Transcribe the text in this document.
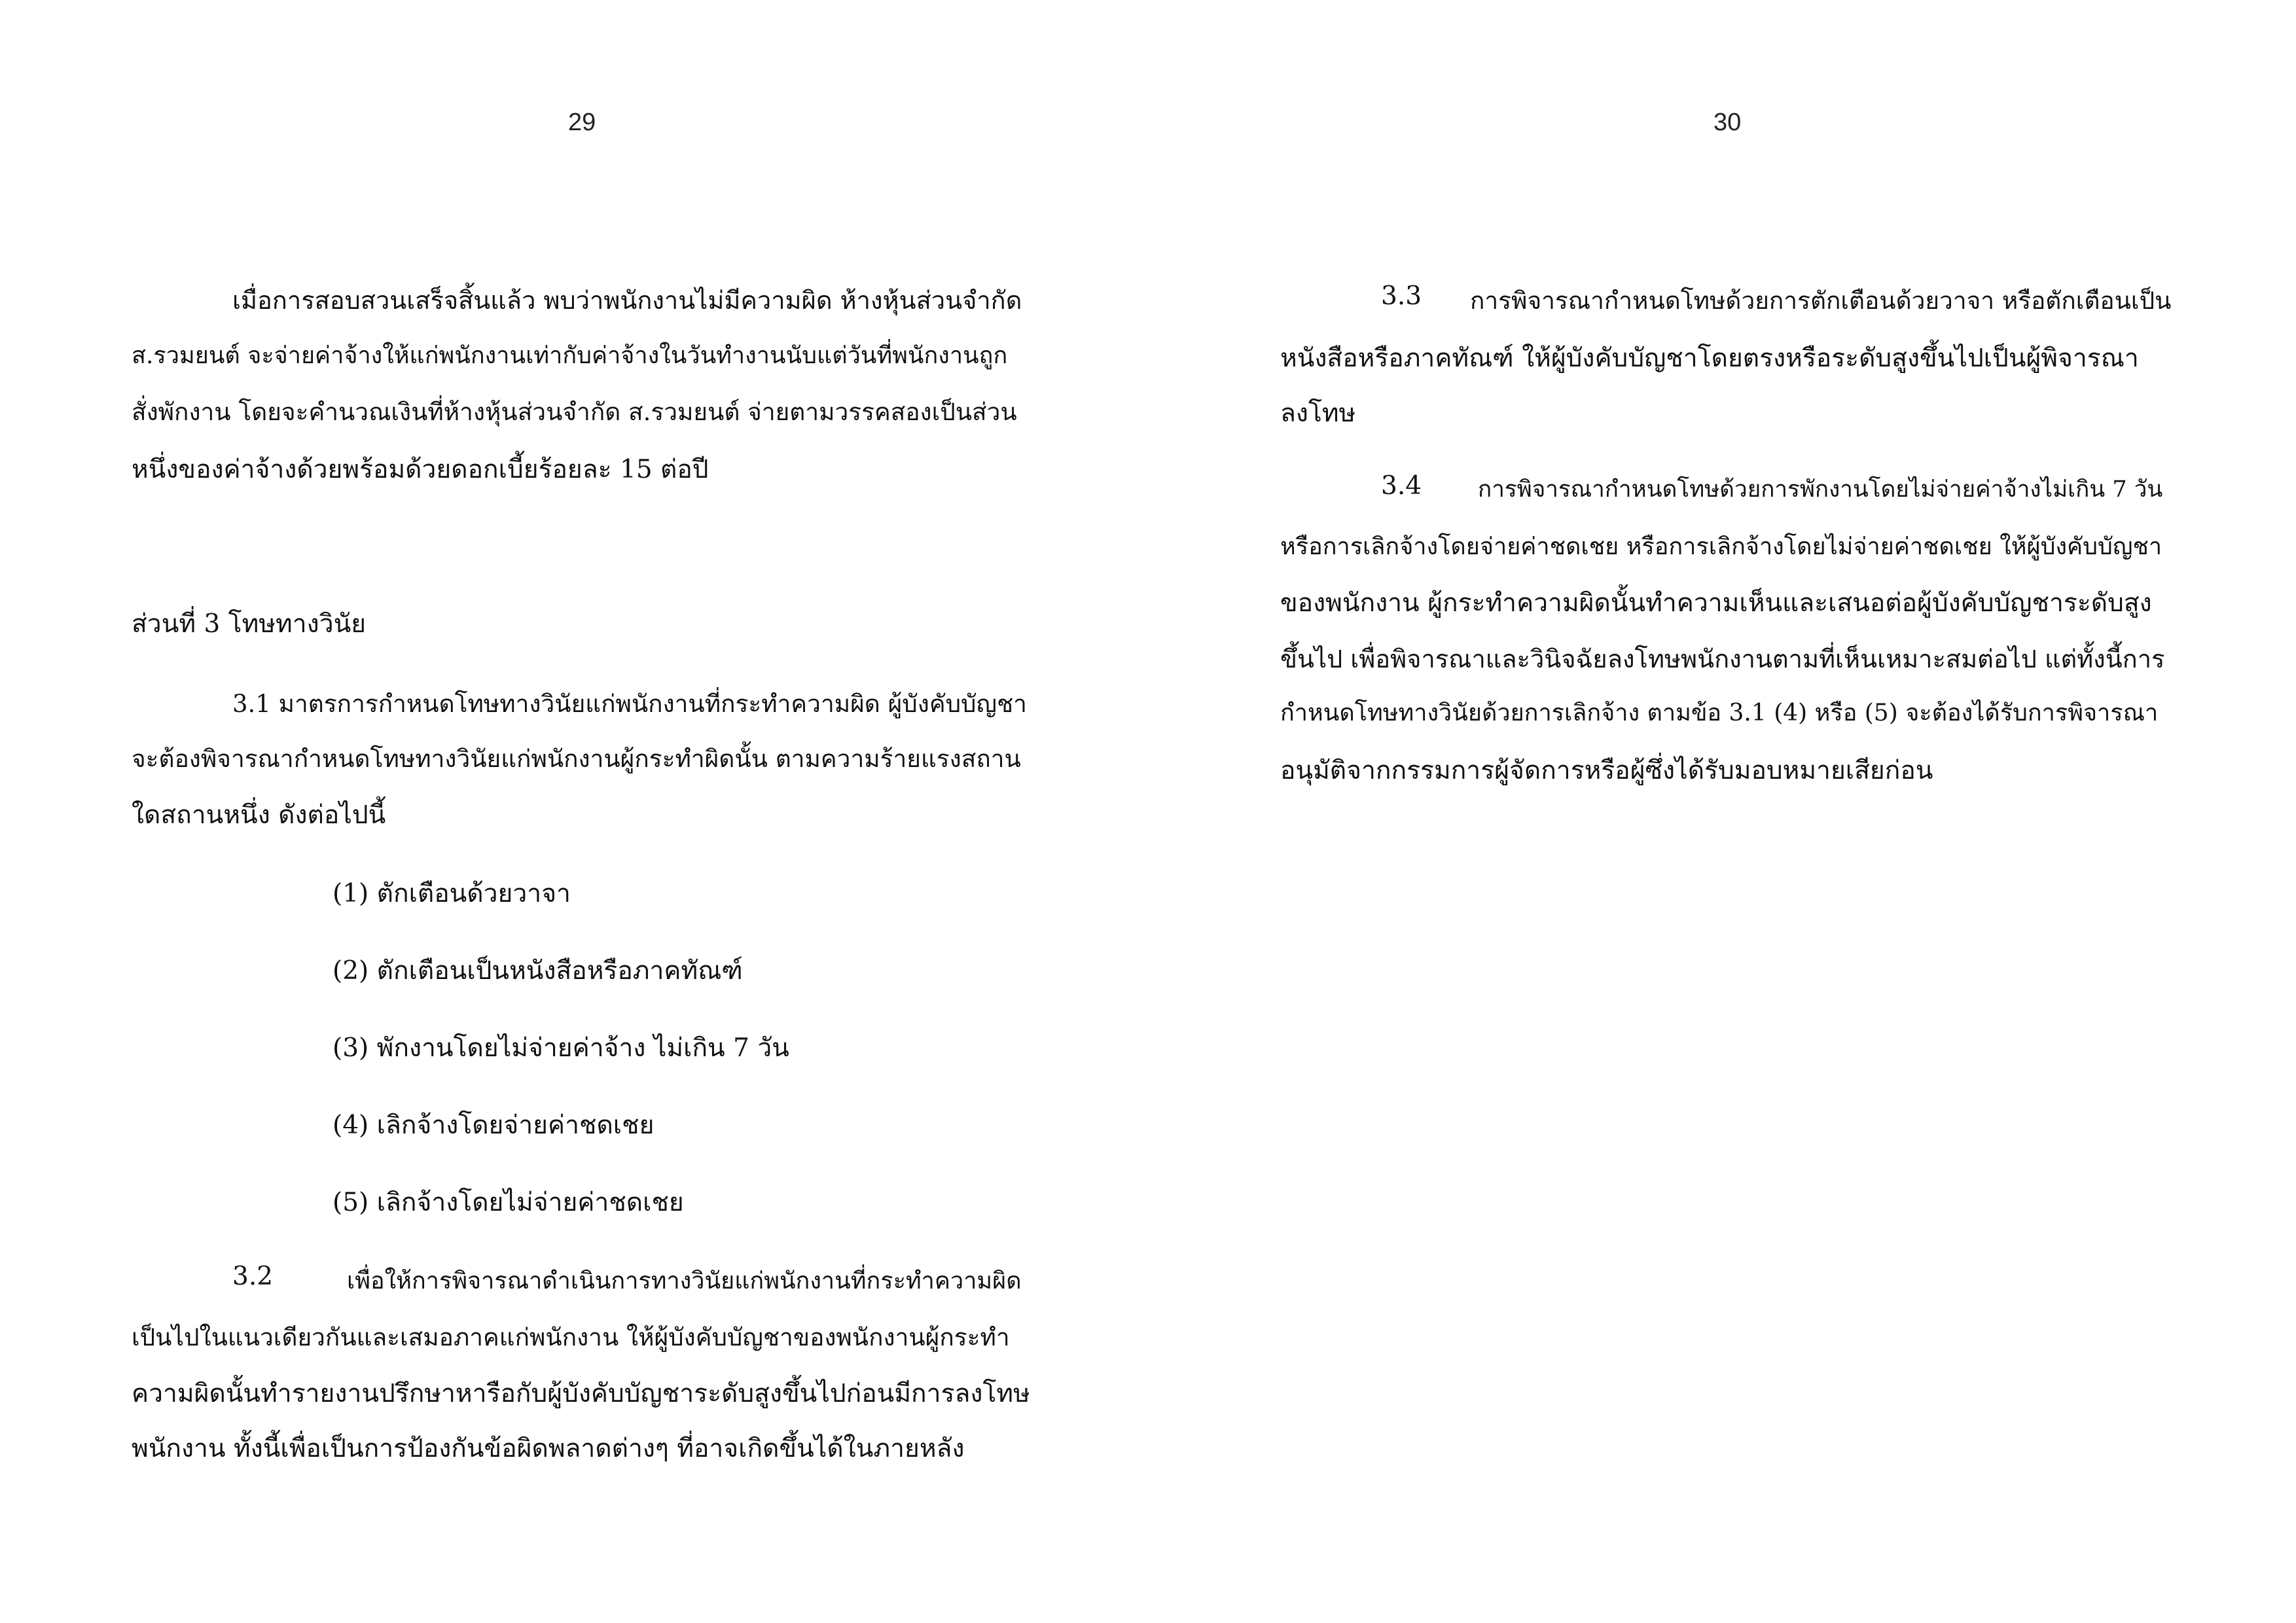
29
เมื่อการสอบสวนเสร็จสิ้นแล้ว พบว่าพนักงานไม่มีความผิด ห้างหุ้นส่วนจำกัด
ส.รวมยนต์ จะจ่ายค่าจ้างให้แก่พนักงานเท่ากับค่าจ้างในวันทำงานนับแต่วันที่พนักงานถูก
สั่งพักงาน โดยจะคำนวณเงินที่ห้างหุ้นส่วนจำกัด ส.รวมยนต์ จ่ายตามวรรคสองเป็นส่วน
หนึ่งของค่าจ้างด้วยพร้อมด้วยดอกเบี้ยร้อยละ 15 ต่อปี
ส่วนที่ 3 โทษทางวินัย
3.1 มาตรการกำหนดโทษทางวินัยแก่พนักงานที่กระทำความผิด ผู้บังคับบัญชา
จะต้องพิจารณากำหนดโทษทางวินัยแก่พนักงานผู้กระทำผิดนั้น ตามความร้ายแรงสถาน
ใดสถานหนึ่ง ดังต่อไปนี้
(1) ตักเตือนด้วยวาจา
(2) ตักเตือนเป็นหนังสือหรือภาคทัณฑ์
(3) พักงานโดยไม่จ่ายค่าจ้าง ไม่เกิน 7 วัน
(4) เลิกจ้างโดยจ่ายค่าชดเชย
(5) เลิกจ้างโดยไม่จ่ายค่าชดเชย
3.2	เพื่อให้การพิจารณาดำเนินการทางวินัยแก่พนักงานที่กระทำความผิด
เป็นไปในแนวเดียวกันและเสมอภาคแก่พนักงาน ให้ผู้บังคับบัญชาของพนักงานผู้กระทำ
ความผิดนั้นทำรายงานปรึกษาหารือกับผู้บังคับบัญชาระดับสูงขึ้นไปก่อนมีการลงโทษ
พนักงาน ทั้งนี้เพื่อเป็นการป้องกันข้อผิดพลาดต่างๆ ที่อาจเกิดขึ้นได้ในภายหลัง
30
3.3 การพิจารณากำหนดโทษด้วยการตักเตือนด้วยวาจา หรือตักเตือนเป็น
หนังสือหรือภาคทัณฑ์ ให้ผู้บังคับบัญชาโดยตรงหรือระดับสูงขึ้นไปเป็นผู้พิจารณา
ลงโทษ
3.4 การพิจารณากำหนดโทษด้วยการพักงานโดยไม่จ่ายค่าจ้างไม่เกิน 7 วัน
หรือการเลิกจ้างโดยจ่ายค่าชดเชย หรือการเลิกจ้างโดยไม่จ่ายค่าชดเชย ให้ผู้บังคับบัญชา
ของพนักงาน ผู้กระทำความผิดนั้นทำความเห็นและเสนอต่อผู้บังคับบัญชาระดับสูง
ขึ้นไป เพื่อพิจารณาและวินิจฉัยลงโทษพนักงานตามที่เห็นเหมาะสมต่อไป แต่ทั้งนี้การ
กำหนดโทษทางวินัยด้วยการเลิกจ้าง ตามข้อ 3.1 (4) หรือ (5) จะต้องได้รับการพิจารณา
อนุมัติจากกรรมการผู้จัดการหรือผู้ซึ่งได้รับมอบหมายเสียก่อน
